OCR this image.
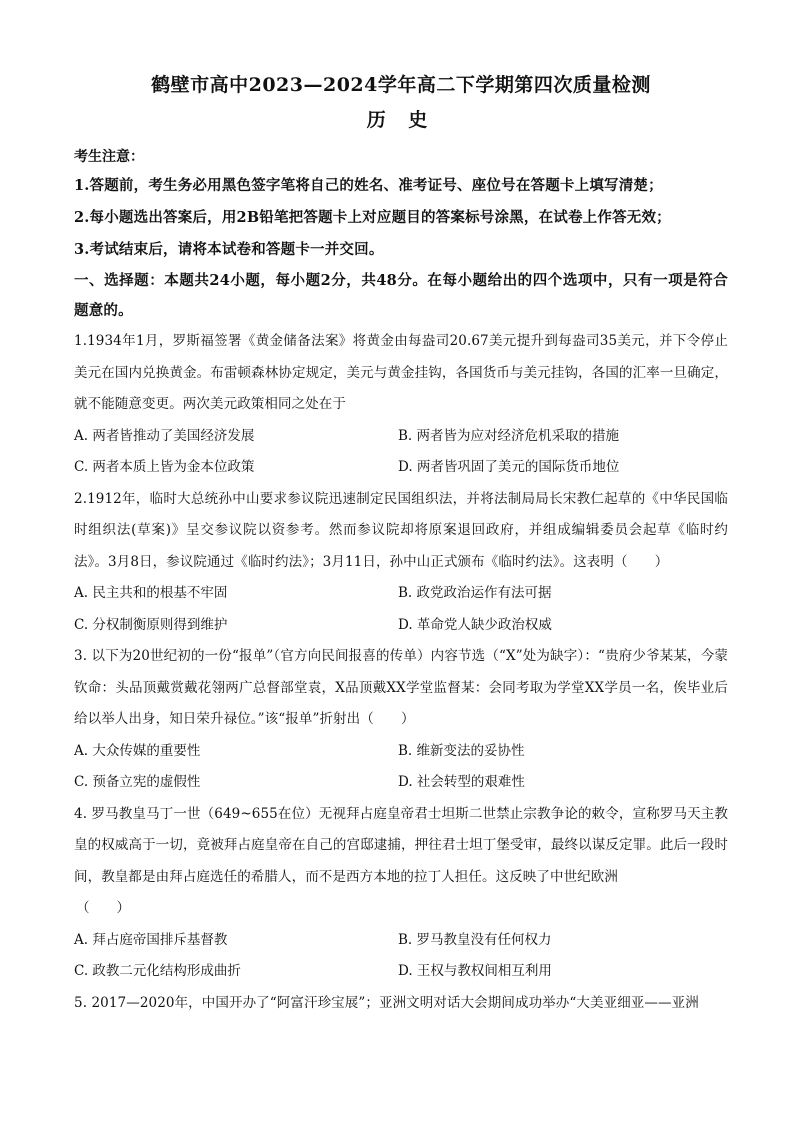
鹤壁市高中2023—2024学年高二下学期第四次质量检测
历 史
考生注意：
1.答题前，考生务必用黑色签字笔将自己的姓名、准考证号、座位号在答题卡上填写清楚；
2.每小题选出答案后，用2B铅笔把答题卡上对应题目的答案标号涂黑，在试卷上作答无效；
3.考试结束后，请将本试卷和答题卡一并交回。
一、选择题：本题共24小题，每小题2分，共48分。在每小题给出的四个选项中，只有一项是符合题意的。
1.1934年1月，罗斯福签署《黄金储备法案》将黄金由每盎司20.67美元提升到每盎司35美元，并下令停止美元在国内兑换黄金。布雷顿森林协定规定，美元与黄金挂钩，各国货币与美元挂钩，各国的汇率一旦确定，就不能随意变更。两次美元政策相同之处在于
A. 两者皆推动了美国经济发展	B. 两者皆为应对经济危机采取的措施
C. 两者本质上皆为金本位政策	D. 两者皆巩固了美元的国际货币地位
2.1912年，临时大总统孙中山要求参议院迅速制定民国组织法，并将法制局局长宋教仁起草的《中华民国临时组织法(草案)》呈交参议院以资参考。然而参议院却将原案退回政府，并组成编辑委员会起草《临时约法》。3月8日，参议院通过《临时约法》；3月11日，孙中山正式颁布《临时约法》。这表明（　　）
A. 民主共和的根基不牢固	B. 政党政治运作有法可据
C. 分权制衡原则得到维护	D. 革命党人缺少政治权威
3. 以下为20世纪初的一份“报单”（官方向民间报喜的传单）内容节选（“X”处为缺字）：“贵府少爷某某，今蒙钦命：头品顶戴赏戴花翎两广总督部堂袁，X品顶戴XX学堂监督某：会同考取为学堂XX学员一名，俟毕业后给以举人出身，知日荣升禄位。”该“报单”折射出（　　）
A. 大众传媒的重要性	B. 维新变法的妥协性
C. 预备立宪的虚假性	D. 社会转型的艰难性
4. 罗马教皇马丁一世（649~655在位）无视拜占庭皇帝君士坦斯二世禁止宗教争论的敕令，宣称罗马天主教皇的权威高于一切，竟被拜占庭皇帝在自己的宫邸逮捕，押往君士坦丁堡受审，最终以谋反定罪。此后一段时间，教皇都是由拜占庭选任的希腊人，而不是西方本地的拉丁人担任。这反映了中世纪欧洲
（　　）
A. 拜占庭帝国排斥基督教	B. 罗马教皇没有任何权力
C. 政教二元化结构形成曲折	D. 王权与教权间相互利用
5. 2017—2020年，中国开办了“阿富汗珍宝展”；亚洲文明对话大会期间成功举办“大美亚细亚——亚洲
